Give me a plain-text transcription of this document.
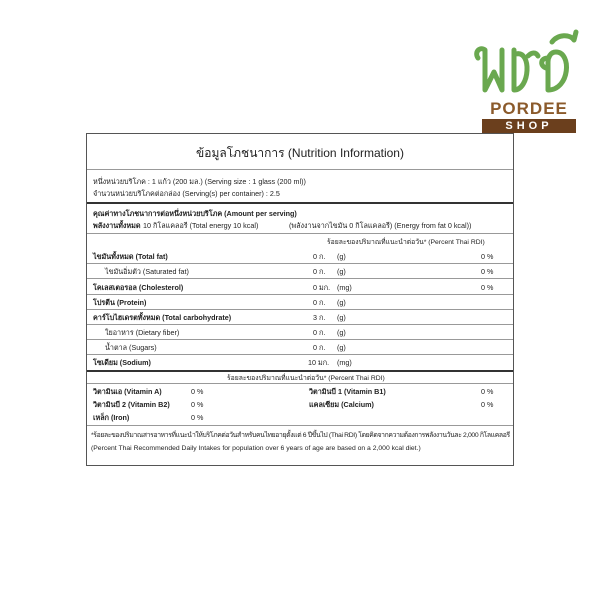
PORDEE
SHOP
ข้อมูลโภชนาการ (Nutrition Information)
หนึ่งหน่วยบริโภค : 1 แก้ว (200 มล.) (Serving size : 1 glass (200 ml))
จำนวนหน่วยบริโภคต่อกล่อง (Serving(s) per container) : 2.5
คุณค่าทางโภชนาการต่อหนึ่งหน่วยบริโภค (Amount per serving)
พลังงานทั้งหมด 10 กิโลแคลอรี (Total energy 10 kcal)	(พลังงานจากไขมัน 0 กิโลแคลอรี) (Energy from fat 0 kcal))
ร้อยละของปริมาณที่แนะนำต่อวัน* (Percent Thai RDI)
ไขมันทั้งหมด (Total fat)	0 ก. (g)	0 %
ไขมันอิ่มตัว (Saturated fat)	0 ก. (g)	0 %
โคเลสเตอรอล (Cholesterol)	0 มก. (mg)	0 %
โปรตีน (Protein)	0 ก. (g)
คาร์โบไฮเดรตทั้งหมด (Total carbohydrate)	3 ก. (g)
ใยอาหาร (Dietary fiber)	0 ก. (g)
น้ำตาล (Sugars)	0 ก. (g)
โซเดียม (Sodium)	10 มก. (mg)
ร้อยละของปริมาณที่แนะนำต่อวัน* (Percent Thai RDI)
วิตามินเอ (Vitamin A)	0 %	วิตามินบี 1 (Vitamin B1)	0 %
วิตามินบี 2 (Vitamin B2)	0 %	แคลเซียม (Calcium)	0 %
เหล็ก (Iron)	0 %
*ร้อยละของปริมาณสารอาหารที่แนะนำให้บริโภคต่อวันสำหรับคนไทยอายุตั้งแต่ 6 ปีขึ้นไป (Thai RDI) โดยคิดจากความต้องการพลังงานวันละ 2,000 กิโลแคลอรี
(Percent Thai Recommended Daily Intakes for population over 6 years of age are based on a 2,000 kcal diet.)
